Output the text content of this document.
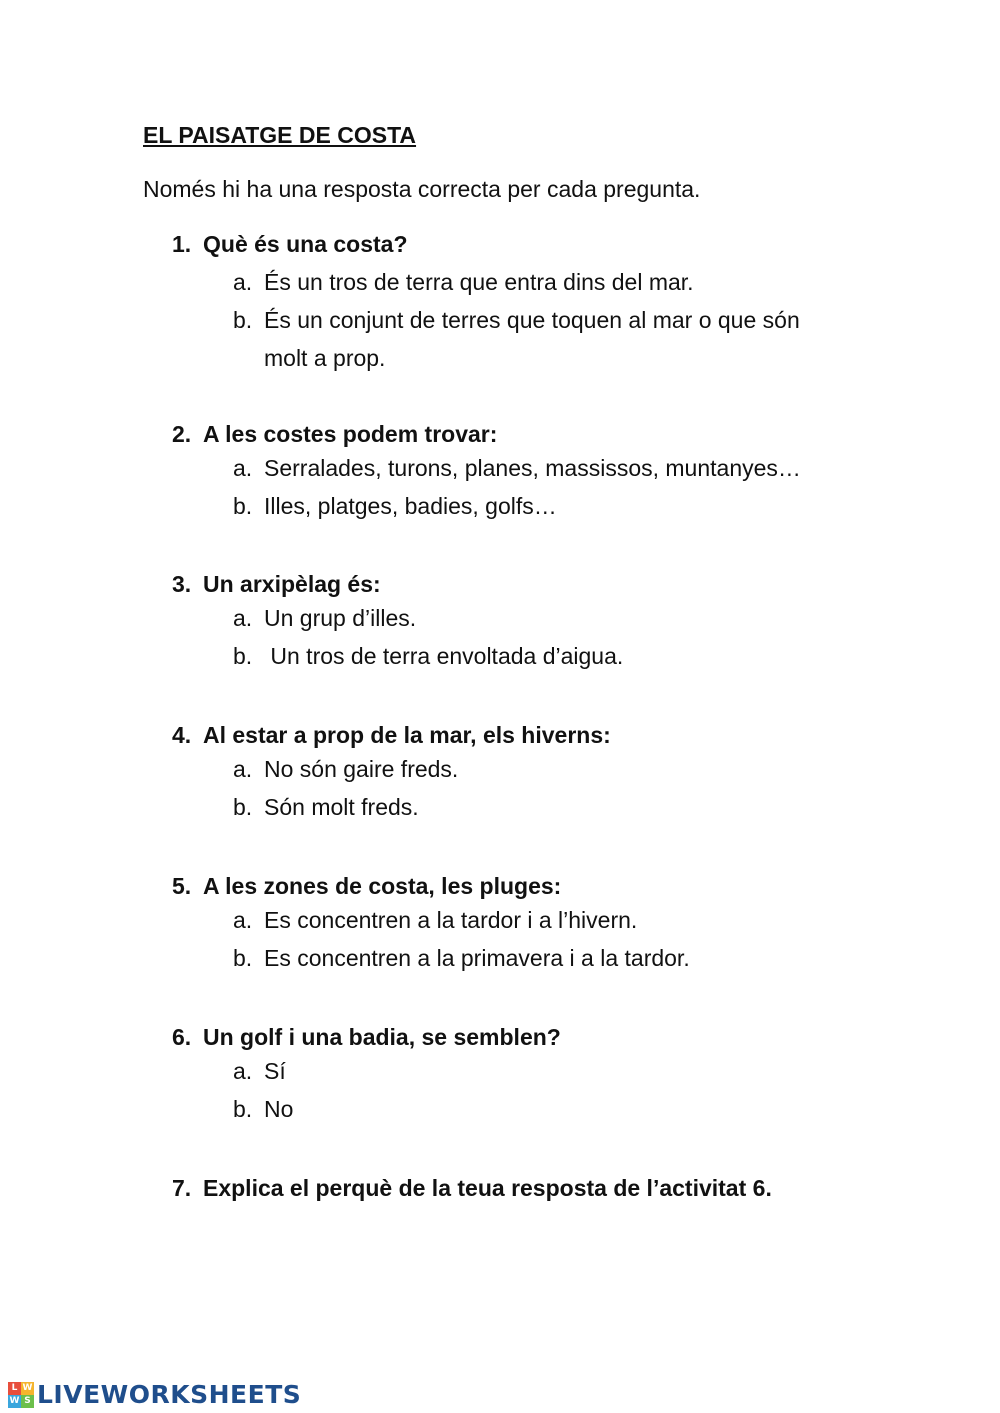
EL PAISATGE DE COSTA
Només hi ha una resposta correcta per cada pregunta.
1. Què és una costa?
a. És un tros de terra que entra dins del mar.
b. És un conjunt de terres que toquen al mar o que són molt a prop.
2. A les costes podem trovar:
a. Serralades, turons, planes, massissos, muntanyes…
b. Illes, platges, badies, golfs…
3. Un arxipèlag és:
a. Un grup d’illes.
b. Un tros de terra envoltada d’aigua.
4. Al estar a prop de la mar, els hiverns:
a. No són gaire freds.
b. Són molt freds.
5. A les zones de costa, les pluges:
a. Es concentren a la tardor i a l’hivern.
b. Es concentren a la primavera i a la tardor.
6. Un golf i una badia, se semblen?
a. Sí
b. No
7. Explica el perquè de la teua resposta de l’activitat 6.
L W
W S LIVEWORKSHEETS
